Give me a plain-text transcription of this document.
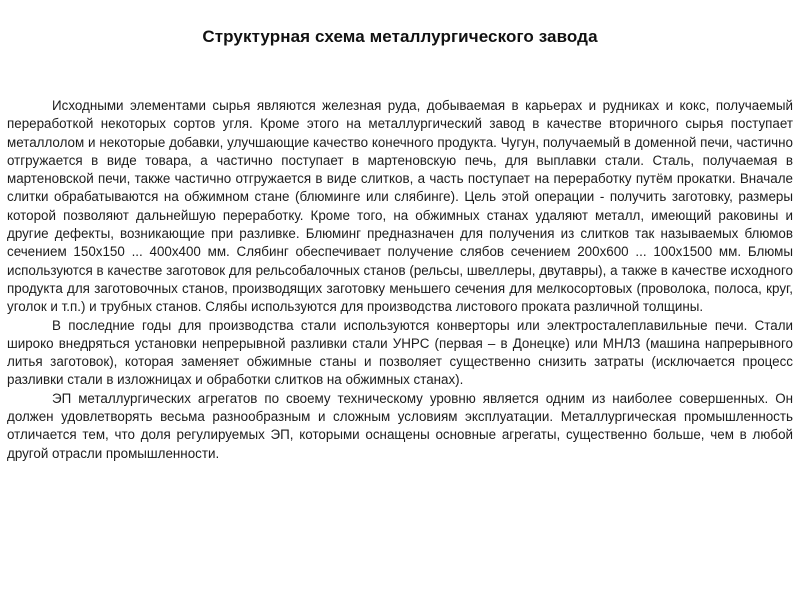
Структурная схема металлургического завода

Исходными элементами сырья являются железная руда, добываемая в карьерах и рудниках и кокс, получаемый переработкой некоторых сортов угля. Кроме этого на металлургический завод в качестве вторичного сырья поступает металлолом и некоторые добавки, улучшающие качество конечного продукта. Чугун, получаемый в доменной печи, частично отгружается в виде товара, а частично поступает в мартеновскую печь, для выплавки стали. Сталь, получаемая в мартеновской печи, также частично отгружается в виде слитков, а часть поступает на переработку путём прокатки. Вначале слитки обрабатываются на обжимном стане (блюминге или слябинге). Цель этой операции - получить заготовку, размеры которой позволяют дальнейшую переработку. Кроме того, на обжимных станах удаляют металл, имеющий раковины и другие дефекты, возникающие при разливке. Блюминг предназначен для получения из слитков так называемых блюмов сечением 150х150 ... 400х400 мм. Слябинг обеспечивает получение слябов сечением 200х600 ... 100х1500 мм. Блюмы используются в качестве заготовок для рельсобалочных станов (рельсы, швеллеры, двутавры), а также в качестве исходного продукта для заготовочных станов, производящих заготовку меньшего сечения для мелкосортовых (проволока, полоса, круг, уголок и т.п.) и трубных станов. Слябы используются для производства листового проката различной толщины.

В последние годы для производства стали используются конверторы или электросталеплавильные печи. Стали широко внедряться установки непрерывной разливки стали УНРС (первая – в Донецке) или МНЛЗ (машина напрерывного литья заготовок), которая заменяет обжимные станы и позволяет существенно снизить затраты (исключается процесс разливки стали в изложницах и обработки слитков на обжимных станах).

ЭП металлургических агрегатов по своему техническому уровню является одним из наиболее совершенных. Он должен удовлетворять весьма разнообразным и сложным условиям эксплуатации. Металлургическая промышленность отличается тем, что доля регулируемых ЭП, которыми оснащены основные агрегаты, существенно больше, чем в любой другой отрасли промышленности.
